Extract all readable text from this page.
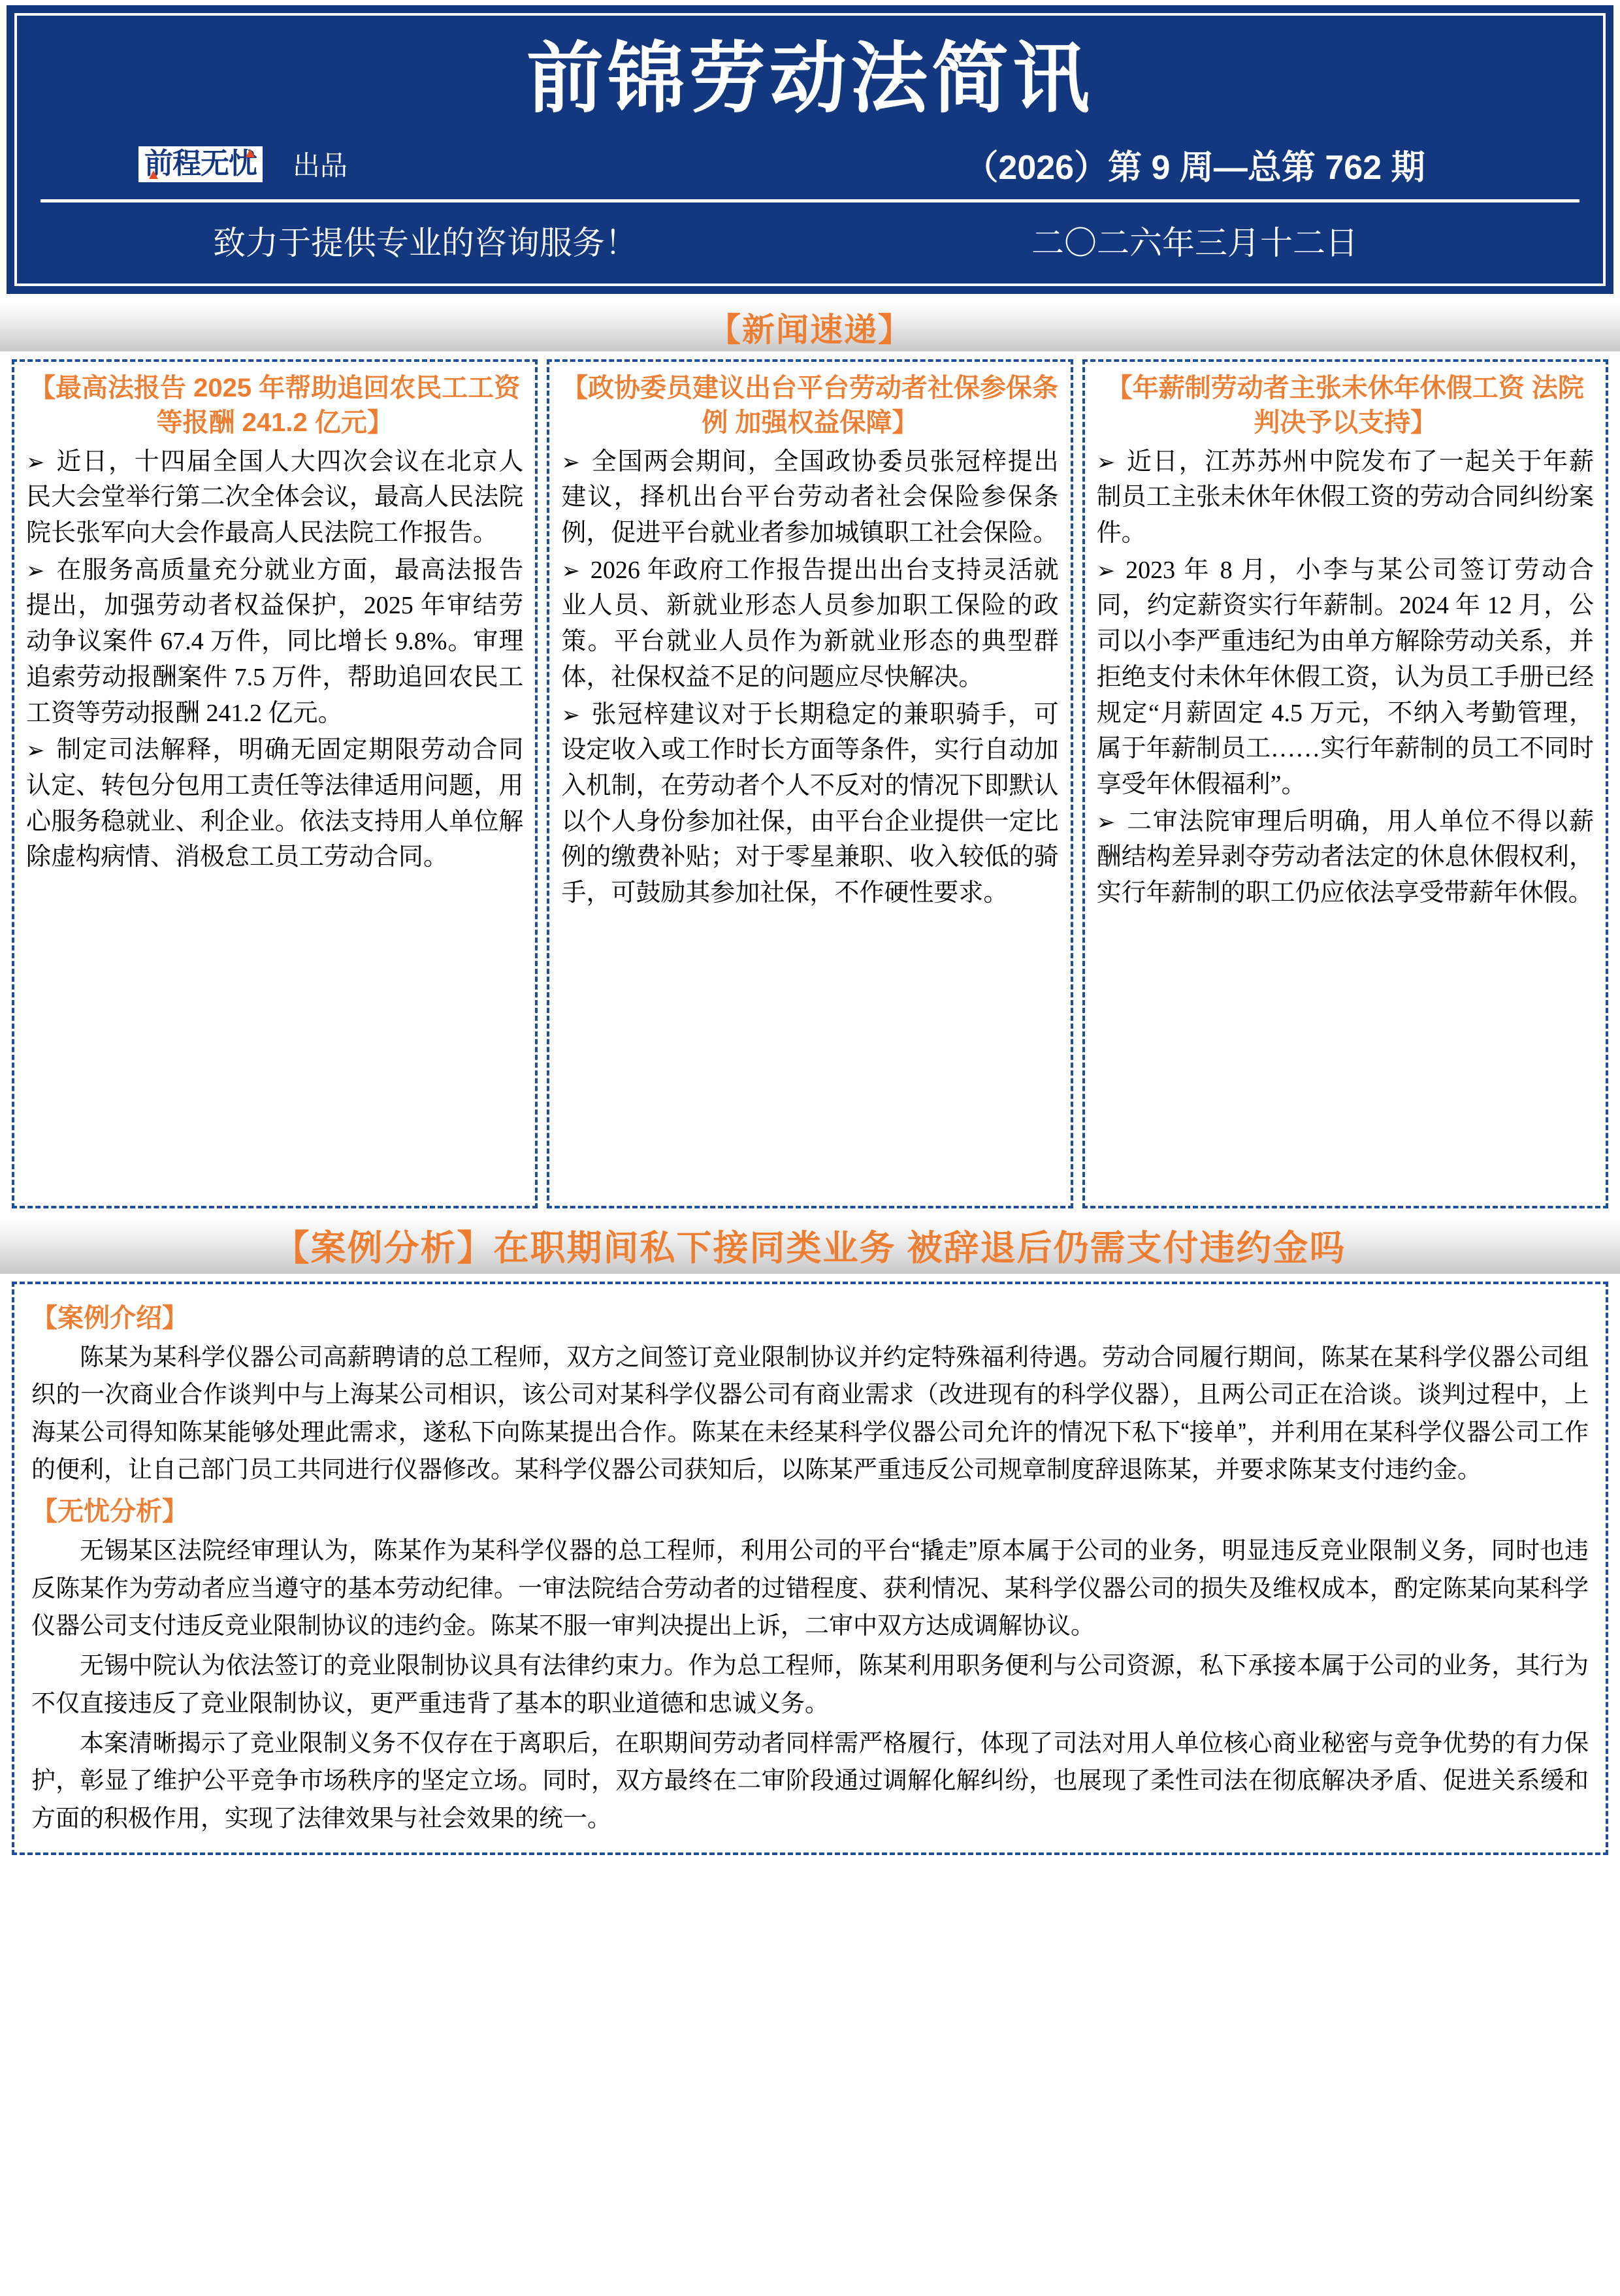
前锦劳动法简讯
前程无忧 出品	（2026）第 9 周—总第 762 期
致力于提供专业的咨询服务！	二〇二六年三月十二日
【新闻速递】
【最高法报告 2025 年帮助追回农民工工资等报酬 241.2 亿元】

➢ 近日，十四届全国人大四次会议在北京人民大会堂举行第二次全体会议，最高人民法院院长张军向大会作最高人民法院工作报告。

➢ 在服务高质量充分就业方面，最高法报告提出，加强劳动者权益保护，2025 年审结劳动争议案件 67.4 万件，同比增长 9.8%。审理追索劳动报酬案件 7.5 万件，帮助追回农民工工资等劳动报酬 241.2 亿元。

➢ 制定司法解释，明确无固定期限劳动合同认定、转包分包用工责任等法律适用问题，用心服务稳就业、利企业。依法支持用人单位解除虚构病情、消极怠工员工劳动合同。

【政协委员建议出台平台劳动者社保参保条例 加强权益保障】

➢ 全国两会期间，全国政协委员张冠梓提出建议，择机出台平台劳动者社会保险参保条例，促进平台就业者参加城镇职工社会保险。

➢ 2026 年政府工作报告提出出台支持灵活就业人员、新就业形态人员参加职工保险的政策。平台就业人员作为新就业形态的典型群体，社保权益不足的问题应尽快解决。

➢ 张冠梓建议对于长期稳定的兼职骑手，可设定收入或工作时长方面等条件，实行自动加入机制，在劳动者个人不反对的情况下即默认以个人身份参加社保，由平台企业提供一定比例的缴费补贴；对于零星兼职、收入较低的骑手，可鼓励其参加社保，不作硬性要求。

【年薪制劳动者主张未休年休假工资 法院判决予以支持】

➢ 近日，江苏苏州中院发布了一起关于年薪制员工主张未休年休假工资的劳动合同纠纷案件。

➢ 2023 年 8 月，小李与某公司签订劳动合同，约定薪资实行年薪制。2024 年 12 月，公司以小李严重违纪为由单方解除劳动关系，并拒绝支付未休年休假工资，认为员工手册已经规定“月薪固定 4.5 万元，不纳入考勤管理，属于年薪制员工……实行年薪制的员工不同时享受年休假福利”。

➢ 二审法院审理后明确，用人单位不得以薪酬结构差异剥夺劳动者法定的休息休假权利，实行年薪制的职工仍应依法享受带薪年休假。

【案例分析】在职期间私下接同类业务 被辞退后仍需支付违约金吗
【案例介绍】

陈某为某科学仪器公司高薪聘请的总工程师，双方之间签订竞业限制协议并约定特殊福利待遇。劳动合同履行期间，陈某在某科学仪器公司组织的一次商业合作谈判中与上海某公司相识，该公司对某科学仪器公司有商业需求（改进现有的科学仪器），且两公司正在洽谈。谈判过程中，上海某公司得知陈某能够处理此需求，遂私下向陈某提出合作。陈某在未经某科学仪器公司允许的情况下私下“接单”，并利用在某科学仪器公司工作的便利，让自己部门员工共同进行仪器修改。某科学仪器公司获知后，以陈某严重违反公司规章制度辞退陈某，并要求陈某支付违约金。

【无忧分析】

无锡某区法院经审理认为，陈某作为某科学仪器的总工程师，利用公司的平台“撬走”原本属于公司的业务，明显违反竞业限制义务，同时也违反陈某作为劳动者应当遵守的基本劳动纪律。一审法院结合劳动者的过错程度、获利情况、某科学仪器公司的损失及维权成本，酌定陈某向某科学仪器公司支付违反竞业限制协议的违约金。陈某不服一审判决提出上诉，二审中双方达成调解协议。

无锡中院认为依法签订的竞业限制协议具有法律约束力。作为总工程师，陈某利用职务便利与公司资源，私下承接本属于公司的业务，其行为不仅直接违反了竞业限制协议，更严重违背了基本的职业道德和忠诚义务。

本案清晰揭示了竞业限制义务不仅存在于离职后，在职期间劳动者同样需严格履行，体现了司法对用人单位核心商业秘密与竞争优势的有力保护，彰显了维护公平竞争市场秩序的坚定立场。同时，双方最终在二审阶段通过调解化解纠纷，也展现了柔性司法在彻底解决矛盾、促进关系缓和方面的积极作用，实现了法律效果与社会效果的统一。
